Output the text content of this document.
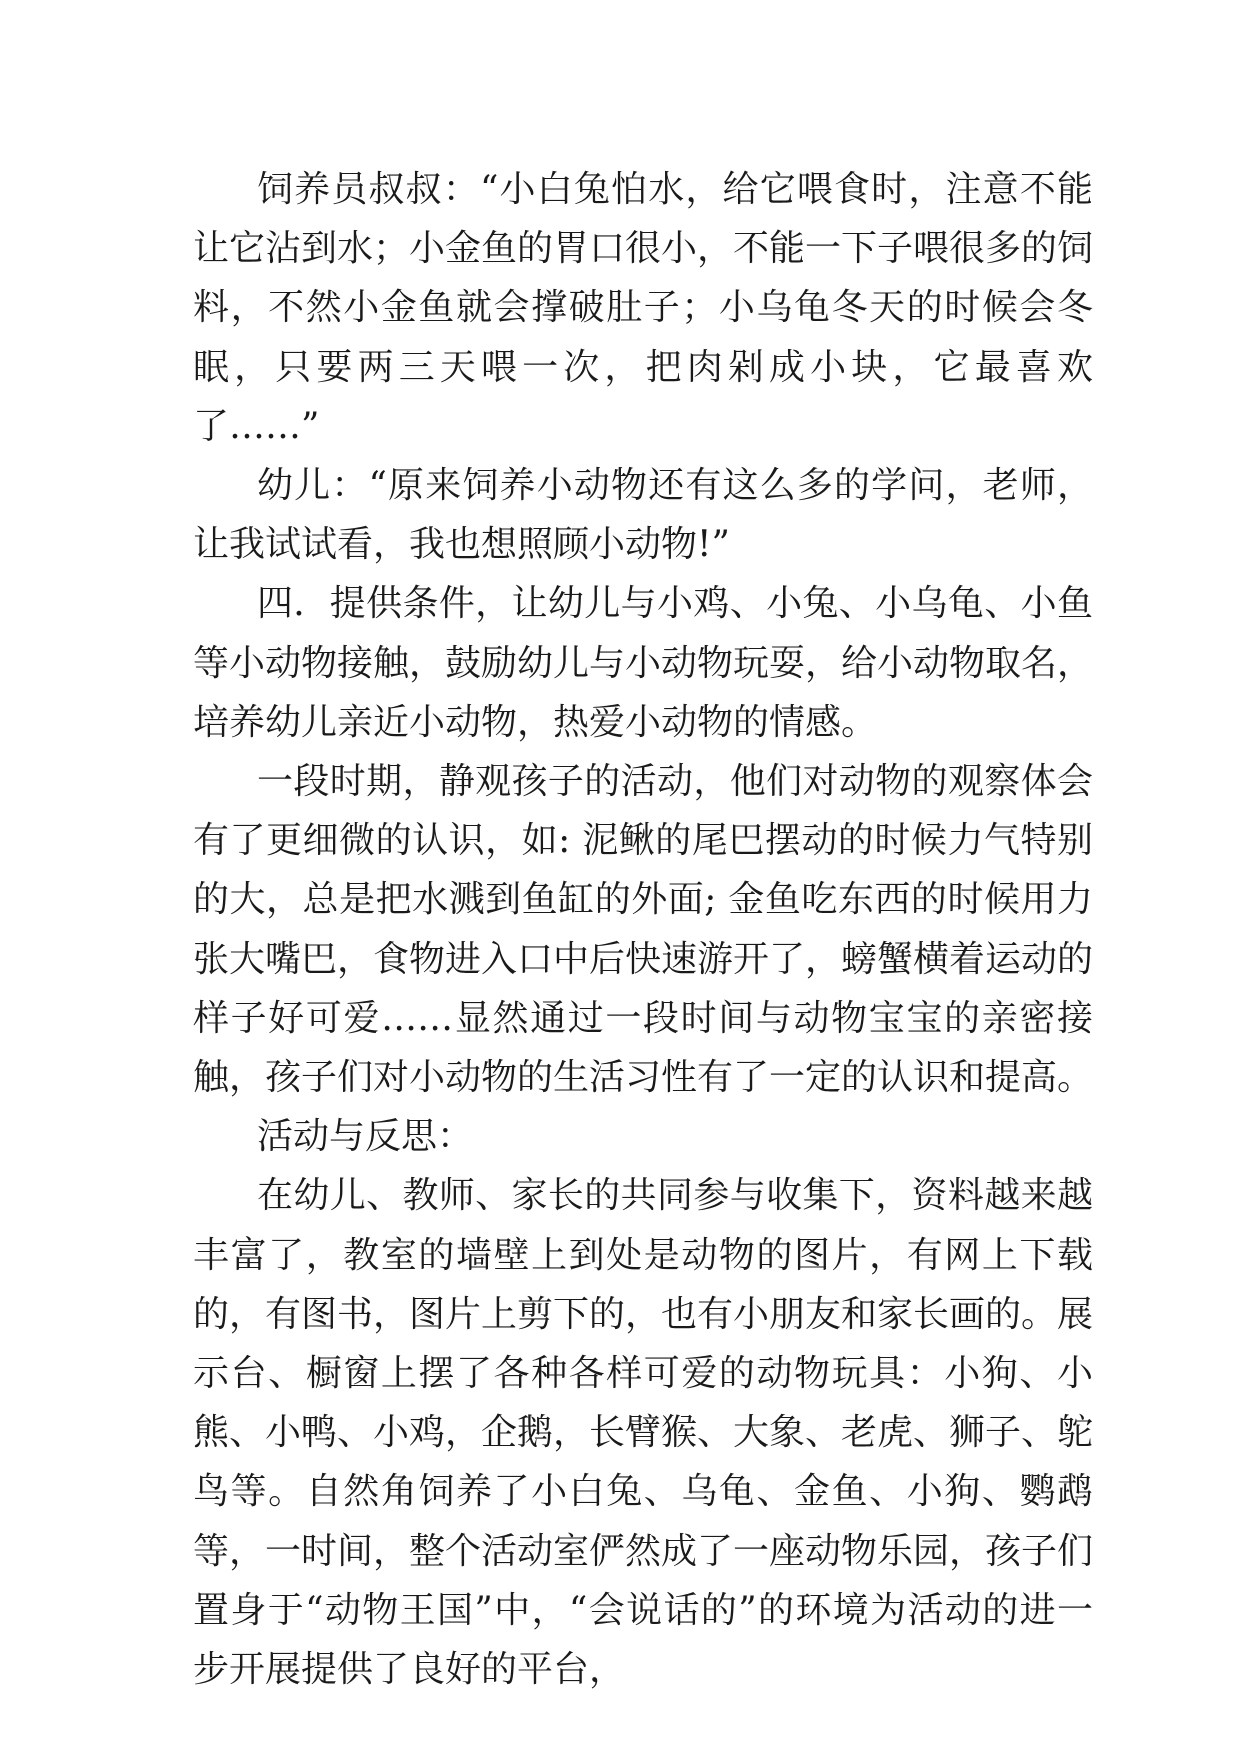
饲养员叔叔：“小白兔怕水，给它喂食时，注意不能让它沾到水；小金鱼的胃口很小，不能一下子喂很多的饲料，不然小金鱼就会撑破肚子；小乌龟冬天的时候会冬眠，只要两三天喂一次，把肉剁成小块，它最喜欢了……”

幼儿：“原来饲养小动物还有这么多的学问，老师，让我试试看，我也想照顾小动物!”

四．提供条件，让幼儿与小鸡、小兔、小乌龟、小鱼等小动物接触，鼓励幼儿与小动物玩耍，给小动物取名，培养幼儿亲近小动物，热爱小动物的情感。

一段时期，静观孩子的活动，他们对动物的观察体会有了更细微的认识，如: 泥鳅的尾巴摆动的时候力气特别的大，总是把水溅到鱼缸的外面; 金鱼吃东西的时候用力张大嘴巴，食物进入口中后快速游开了，螃蟹横着运动的样子好可爱……显然通过一段时间与动物宝宝的亲密接触，孩子们对小动物的生活习性有了一定的认识和提高。

活动与反思：

在幼儿、教师、家长的共同参与收集下，资料越来越丰富了，教室的墙壁上到处是动物的图片，有网上下载的，有图书，图片上剪下的，也有小朋友和家长画的。展示台、橱窗上摆了各种各样可爱的动物玩具：小狗、小熊、小鸭、小鸡，企鹅，长臂猴、大象、老虎、狮子、鸵鸟等。自然角饲养了小白兔、乌龟、金鱼、小狗、鹦鹉等，一时间，整个活动室俨然成了一座动物乐园，孩子们置身于“动物王国”中，“会说话的”的环境为活动的进一步开展提供了良好的平台，
